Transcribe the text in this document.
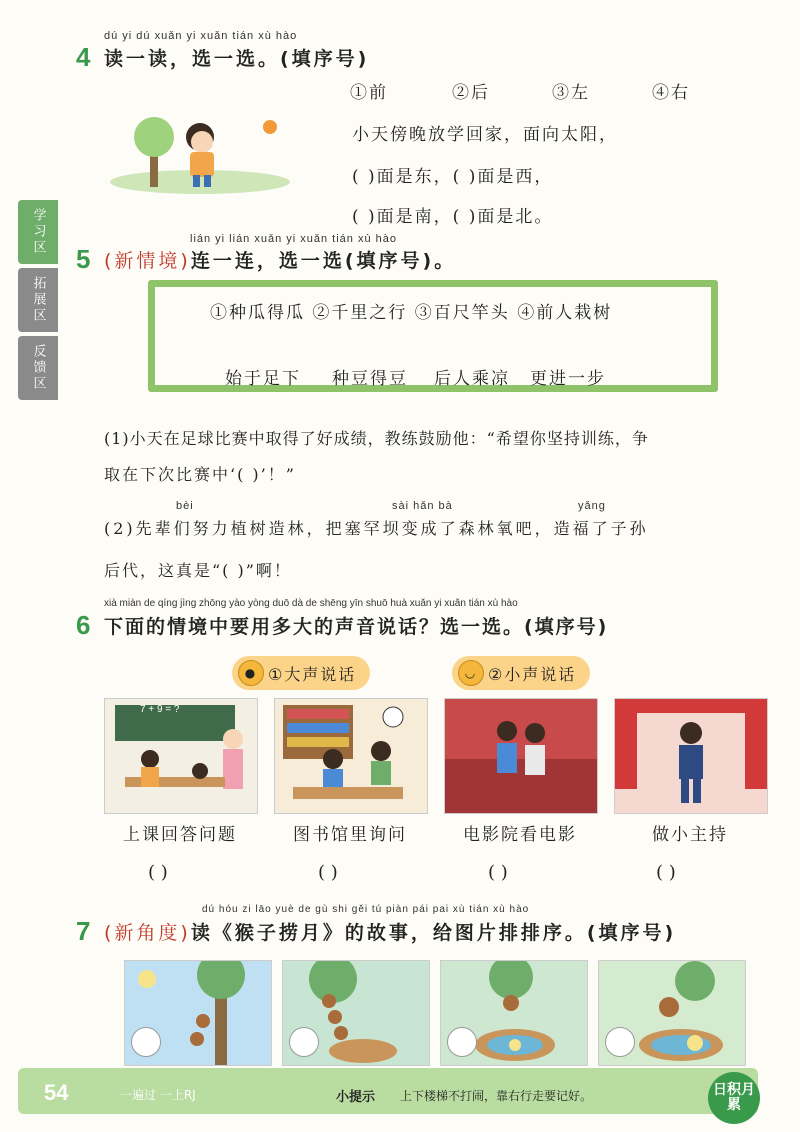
学习区
拓展区
反馈区
dú yi dú xuǎn yi xuǎn tián xù hào
4 读一读，选一选。(填序号)
①前	②后	③左	④右
小天傍晚放学回家，面向太阳，
( )面是东，( )面是西，
( )面是南，( )面是北。
lián yi lián xuǎn yi xuǎn tián xù hào
5 (新情境)连一连，选一选(填序号)。
①种瓜得瓜 ②千里之行 ③百尺竿头 ④前人栽树
始于足下 种豆得豆 后人乘凉 更进一步
(1)小天在足球比赛中取得了好成绩，教练鼓励他：“希望你坚持训练，争
取在下次比赛中‘( )’！”
bèi	sài hǎn bà	yǎng
(2)先辈们努力植树造林，把塞罕坝变成了森林氧吧，造福了子孙
后代，这真是“( )”啊！
xià miàn de qíng jìng zhōng yào yòng duō dà de shēng yīn shuō huà xuǎn yi xuǎn tián xù hào
6 下面的情境中要用多大的声音说话？选一选。(填序号)
● ①大声说话	◡ ②小声说话
7 + 9 = ?
上课回答问题	图书馆里询问	电影院看电影	做小主持
( )	( )	( )	( )
dú hóu zi lāo yuè de gù shi gěi tú piàn pái pai xù tián xù hào
7 (新角度)读《猴子捞月》的故事，给图片排排序。(填序号)
54	一遍过 一上RJ	小提示 上下楼梯不打闹，靠右行走要记好。	日积月累
